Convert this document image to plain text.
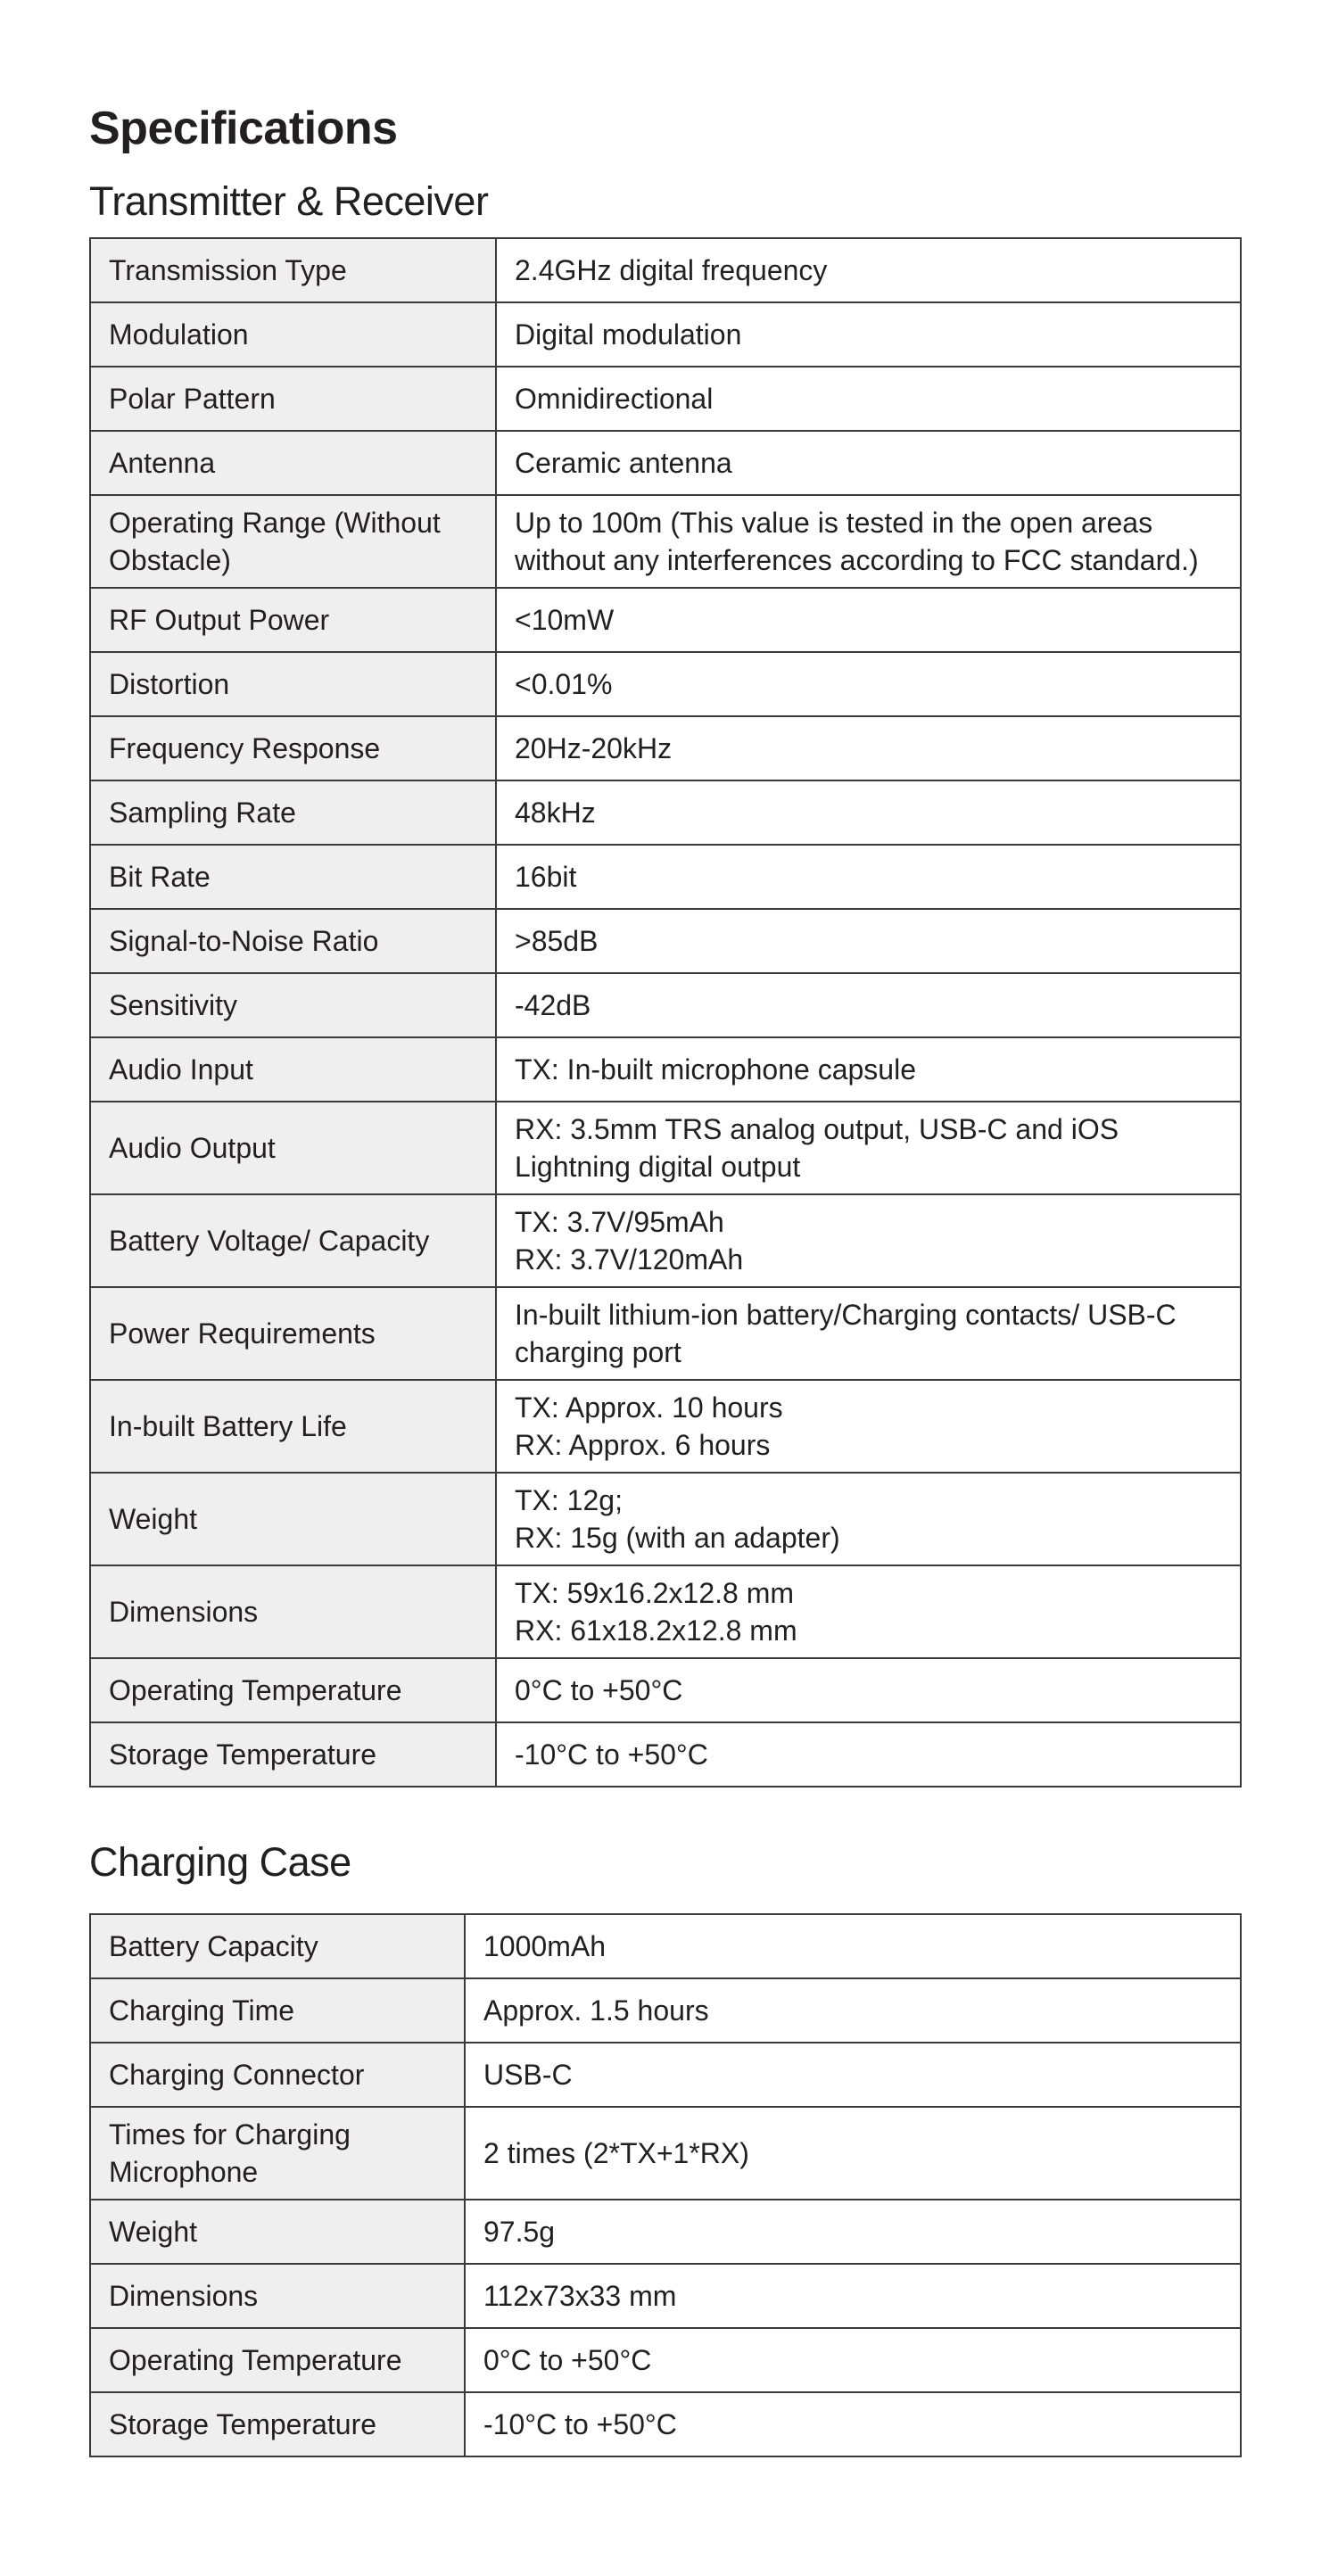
Specifications
Transmitter & Receiver
Transmission Type	2.4GHz digital frequency

Modulation	Digital modulation

Polar Pattern	Omnidirectional

Antenna	Ceramic antenna

Operating Range (Without Obstacle)	Up to 100m (This value is tested in the open areas without any interferences according to FCC standard.)

RF Output Power	<10mW

Distortion	<0.01%

Frequency Response	20Hz-20kHz

Sampling Rate	48kHz

Bit Rate	16bit

Signal-to-Noise Ratio	>85dB

Sensitivity	-42dB

Audio Input	TX: In-built microphone capsule

Audio Output	RX: 3.5mm TRS analog output, USB-C and iOS Lightning digital output

Battery Voltage/ Capacity	TX: 3.7V/95mAh
RX: 3.7V/120mAh

Power Requirements	In-built lithium-ion battery/Charging contacts/ USB-C charging port

In-built Battery Life	TX: Approx. 10 hours
RX: Approx. 6 hours

Weight	TX: 12g;
RX: 15g (with an adapter)

Dimensions	TX: 59x16.2x12.8 mm
RX: 61x18.2x12.8 mm

Operating Temperature	0°C to +50°C

Storage Temperature	-10°C to +50°C
Charging Case
Battery Capacity	1000mAh

Charging Time	Approx. 1.5 hours

Charging Connector	USB-C

Times for Charging Microphone	2 times (2*TX+1*RX)

Weight	97.5g

Dimensions	112x73x33 mm

Operating Temperature	0°C to +50°C

Storage Temperature	-10°C to +50°C
